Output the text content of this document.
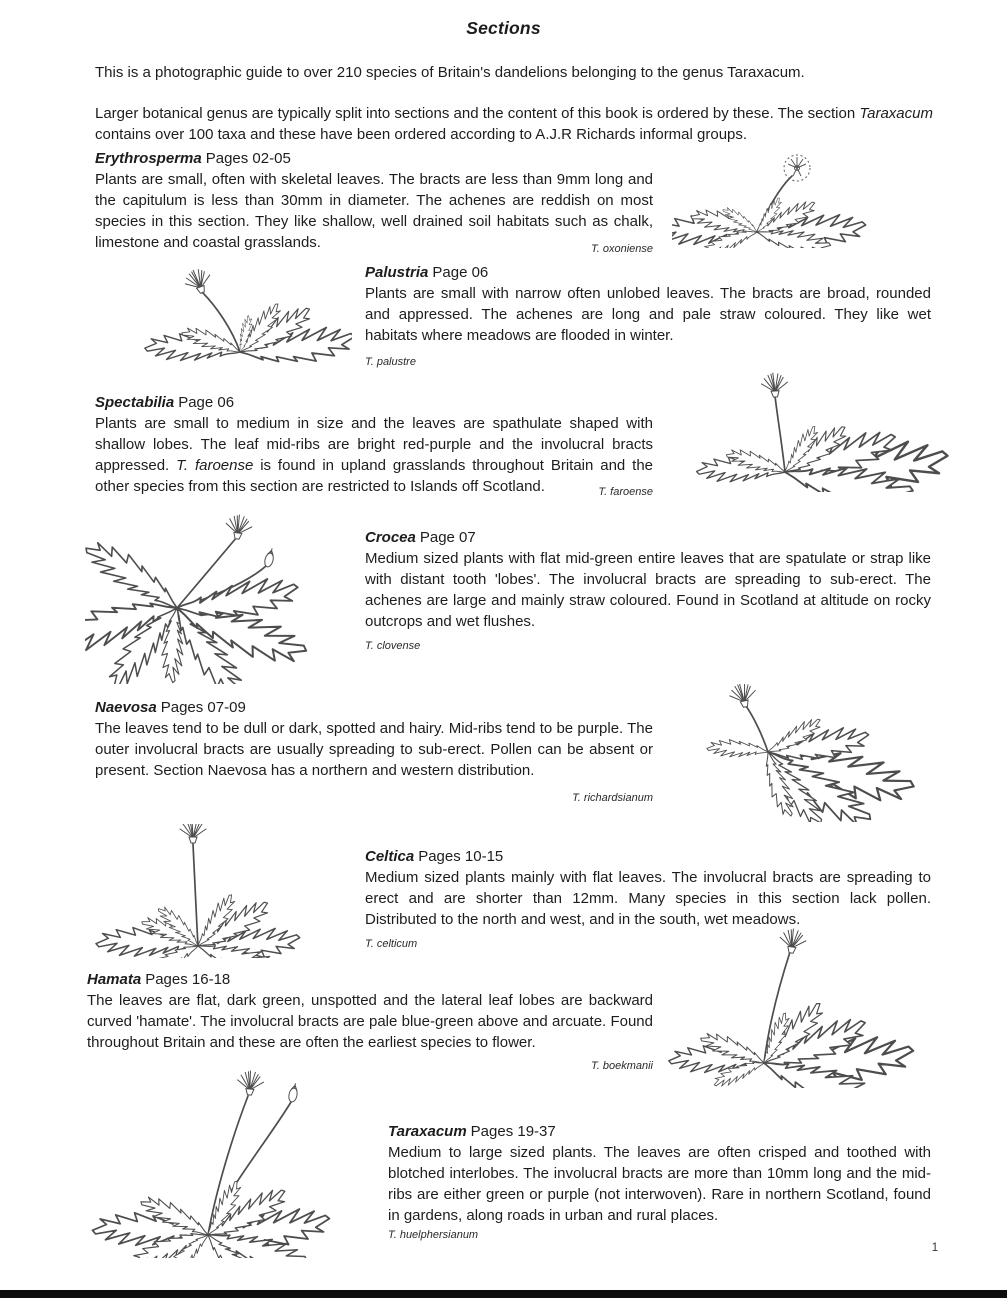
Sections
This is a photographic guide to over 210 species of Britain's dandelions belonging to the genus Taraxacum.
Larger botanical genus are typically split into sections and the content of this book is ordered by these. The section Taraxacum contains over 100 taxa and these have been ordered according to A.J.R Richards informal groups.
Erythrosperma Pages 02-05
Plants are small, often with skeletal leaves. The bracts are less than 9mm long and the capitulum is less than 30mm in diameter. The achenes are reddish on most species in this section. They like shallow, well drained soil habitats such as chalk, limestone and coastal grasslands.	T. oxoniense
Palustria Page 06
Plants are small with narrow often unlobed leaves. The bracts are broad, rounded and appressed. The achenes are long and pale straw coloured. They like wet habitats where meadows are flooded in winter.
T. palustre
Spectabilia Page 06
Plants are small to medium in size and the leaves are spathulate shaped with shallow lobes. The leaf mid-ribs are bright red-purple and the involucral bracts appressed. T. faroense is found in upland grasslands throughout Britain and the other species from this section are restricted to Islands off Scotland.	T. faroense
Crocea Page 07
Medium sized plants with flat mid-green entire leaves that are spatulate or strap like with distant tooth 'lobes'. The involucral bracts are spreading to sub-erect. The achenes are large and mainly straw coloured. Found in Scotland at altitude on rocky outcrops and wet flushes.
T. clovense
Naevosa Pages 07-09
The leaves tend to be dull or dark, spotted and hairy. Mid-ribs tend to be purple. The outer involucral bracts are usually spreading to sub-erect. Pollen can be absent or present. Section Naevosa has a northern and western distribution.
T. richardsianum
Celtica Pages 10-15
Medium sized plants mainly with flat leaves. The involucral bracts are spreading to erect and are shorter than 12mm. Many species in this section lack pollen. Distributed to the north and west, and in the south, wet meadows.
T. celticum
Hamata Pages 16-18
The leaves are flat, dark green, unspotted and the lateral leaf lobes are backward curved 'hamate'. The involucral bracts are pale blue-green above and arcuate. Found throughout Britain and these are often the earliest species to flower.
T. boekmanii
Taraxacum Pages 19-37
Medium to large sized plants. The leaves are often crisped and toothed with blotched interlobes. The involucral bracts are more than 10mm long and the mid-ribs are either green or purple (not interwoven). Rare in northern Scotland, found in gardens, along roads in urban and rural places.
T. huelphersianum
1
